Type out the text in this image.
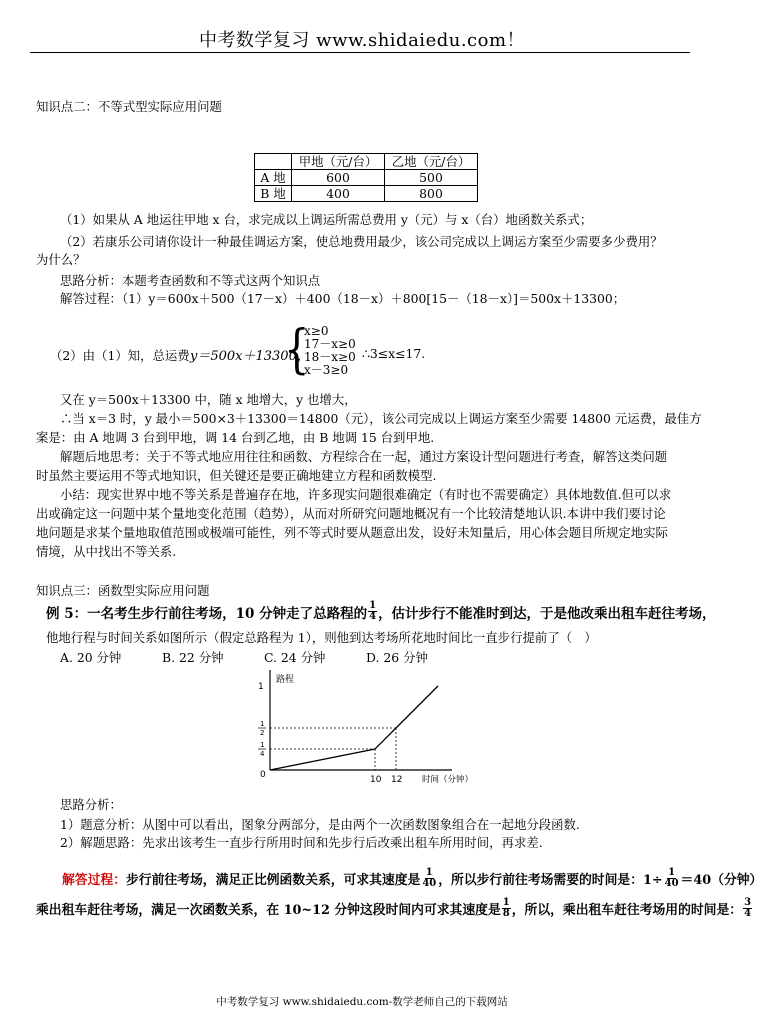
中考数学复习 www.shidaiedu.com！
知识点二：不等式型实际应用问题
	甲地（元/台）	乙地（元/台）
A 地	600	500
B 地	400	800
（1）如果从 A 地运往甲地 x 台，求完成以上调运所需总费用 y（元）与 x（台）地函数关系式；
（2）若康乐公司请你设计一种最佳调运方案，使总地费用最少，该公司完成以上调运方案至少需要多少费用？
为什么？
思路分析：本题考查函数和不等式这两个知识点
解答过程：（1）y＝600x＋500（17－x）＋400（18－x）＋800[15－（18－x）]＝500x＋13300；
（2）由（1）知，总运费 y＝500x＋13300，
{
x≥0
17－x≥0
18－x≥0
x－3≥0
∴3≤x≤17.
又在 y＝500x＋13300 中，随 x 地增大，y 也增大，
∴当 x＝3 时，y 最小＝500×3＋13300＝14800（元），该公司完成以上调运方案至少需要 14800 元运费，最佳方
案是：由 A 地调 3 台到甲地，调 14 台到乙地，由 B 地调 15 台到甲地.
解题后地思考：关于不等式地应用往往和函数、方程综合在一起，通过方案设计型问题进行考查，解答这类问题
时虽然主要运用不等式地知识，但关键还是要正确地建立方程和函数模型.
小结：现实世界中地不等关系是普遍存在地，许多现实问题很难确定（有时也不需要确定）具体地数值.但可以求
出或确定这一问题中某个量地变化范围（趋势），从而对所研究问题地概况有一个比较清楚地认识.本讲中我们要讨论
地问题是求某个量地取值范围或极端可能性，列不等式时要从题意出发，设好未知量后，用心体会题目所规定地实际
情境，从中找出不等关系.
知识点三：函数型实际应用问题
例 5：一名考生步行前往考场，10 分钟走了总路程的 $\frac{1}{4}$ ，估计步行不能准时到达，于是他改乘出租车赶往考场，
他地行程与时间关系如图所示（假定总路程为 1），则他到达考场所花地时间比一直步行提前了（　）
A. 20 分钟	B. 22 分钟	C. 24 分钟	D. 26 分钟
路程
时间（分钟）
0	10 12
1
1
2
1
4
思路分析：
1）题意分析：从图中可以看出，图象分两部分，是由两个一次函数图象组合在一起地分段函数.
2）解题思路：先求出该考生一直步行所用时间和先步行后改乘出租车所用时间，再求差.
解答过程： 步行前往考场，满足正比例函数关系，可求其速度是 $\frac{1}{40}$ ，所以步行前往考场需要的时间是：$1\div \frac{1}{40} =40$（分钟）
乘出租车赶往考场，满足一次函数关系，在 10~12 分钟这段时间内可求其速度是 $\frac{1}{8}$ ，所以，乘出租车赶往考场用的时间是： $\frac{3}{4}$
中考数学复习 www.shidaiedu.com-数学老师自己的下载网站
